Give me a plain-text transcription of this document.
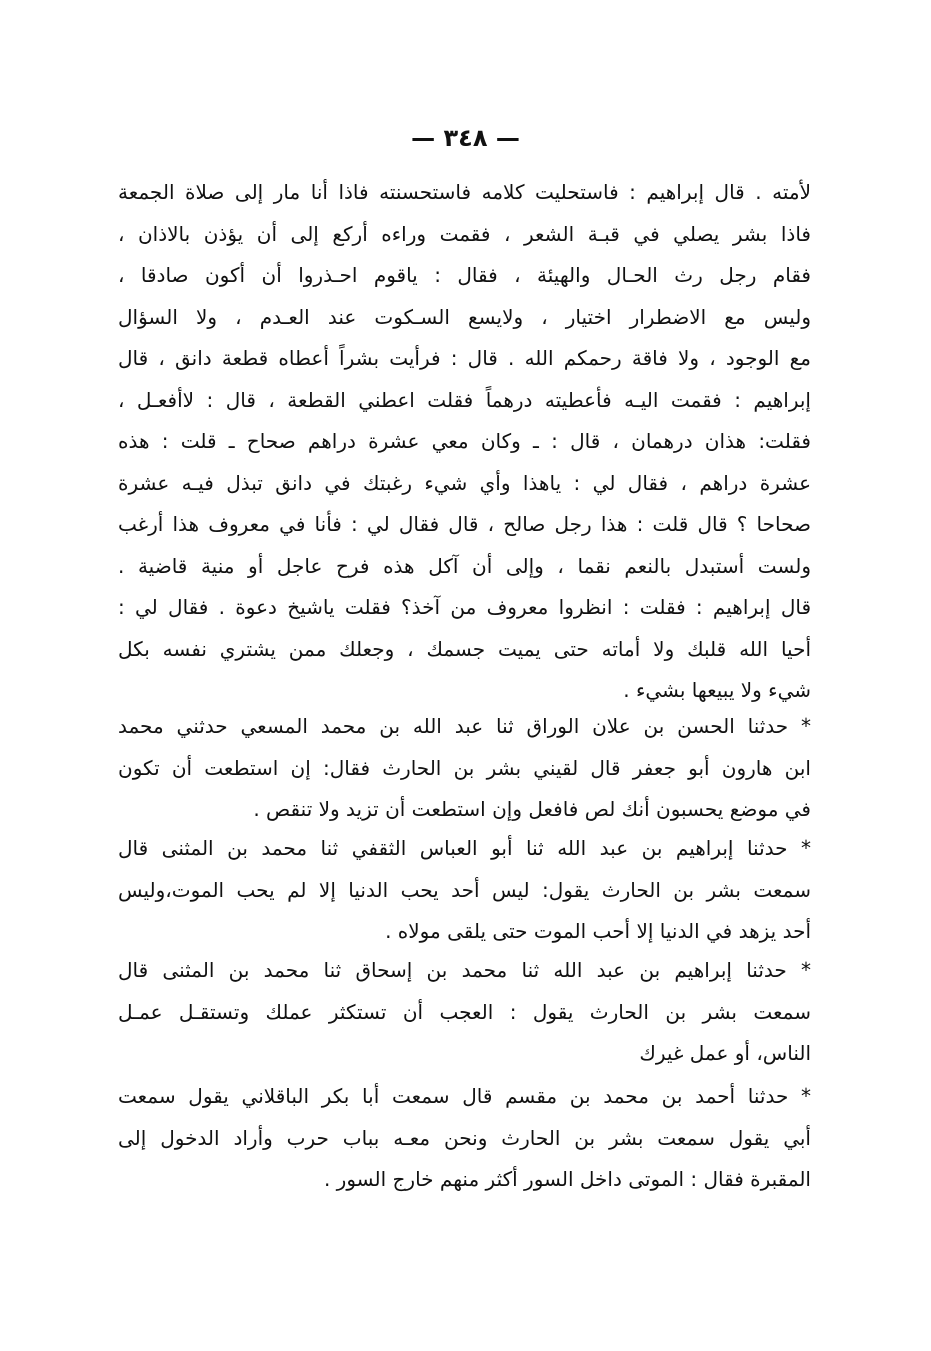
— ٣٤٨ —
لأمته . قال إبراهيم : فاستحليت كلامه فاستحسنته فاذا أنا مار إلى صلاة الجمعة
فاذا بشر يصلي في قبـة الشعر ، فقمت وراءه أركع إلى أن يؤذن بالاذان ،
فقام رجل رث الحـال والهيئة ، فقال : ياقوم احـذروا أن أكون صادقا ،
وليس مع الاضطرار اختيار ، ولايسع السـكوت عند العـدم ، ولا السؤال
مع الوجود ، ولا فاقة رحمكم الله . قال : فرأيت بشراً أعطاه قطعة دانق ، قال
إبراهيم : فقمت اليـه فأعطيته درهماً فقلت اعطني القطعة ، قال : لاأفعـل ،
فقلت: هذان درهمان ، قال : ـ وكان معي عشرة دراهم صحاح ـ قلت : هذه
عشرة دراهم ، فقال لي : ياهذا وأي شيء رغبتك في دانق تبذل فيـه عشرة
صحاحا ؟ قال قلت : هذا رجل صالح ، قال فقال لي : فأنا في معروف هذا أرغب
ولست أستبدل بالنعم نقما ، وإلى أن آكل هذه فرح عاجل أو منية قاضية .
قال إبراهيم : فقلت : انظروا معروف من آخذ؟ فقلت ياشيخ دعوة . فقال لي :
أحيا الله قلبك ولا أماته حتى يميت جسمك ، وجعلك ممن يشتري نفسه بكل
شيء ولا يبيعها بشيء .
* حدثنا الحسن بن علان الوراق ثنا عبد الله بن محمد المسعي حدثني محمد
ابن هارون أبو جعفر قال لقيني بشر بن الحارث فقال: إن استطعت أن تكون
في موضع يحسبون أنك لص فافعل وإن استطعت أن تزيد ولا تنقص .
* حدثنا إبراهيم بن عبد الله ثنا أبو العباس الثقفي ثنا محمد بن المثنى قال
سمعت بشر بن الحارث يقول: ليس أحد يحب الدنيا إلا لم يحب الموت،وليس
أحد يزهد في الدنيا إلا أحب الموت حتى يلقى مولاه .
* حدثنا إبراهيم بن عبد الله ثنا محمد بن إسحاق ثنا محمد بن المثنى قال
سمعت بشر بن الحارث يقول : العجب أن تستكثر عملك وتستقـل عمـل
الناس، أو عمل غيرك
* حدثنا أحمد بن محمد بن مقسم قال سمعت أبا بكر الباقلاني يقول سمعت
أبي يقول سمعت بشر بن الحارث ونحن معـه بباب حرب وأراد الدخول إلى
المقبرة فقال : الموتى داخل السور أكثر منهم خارج السور .
